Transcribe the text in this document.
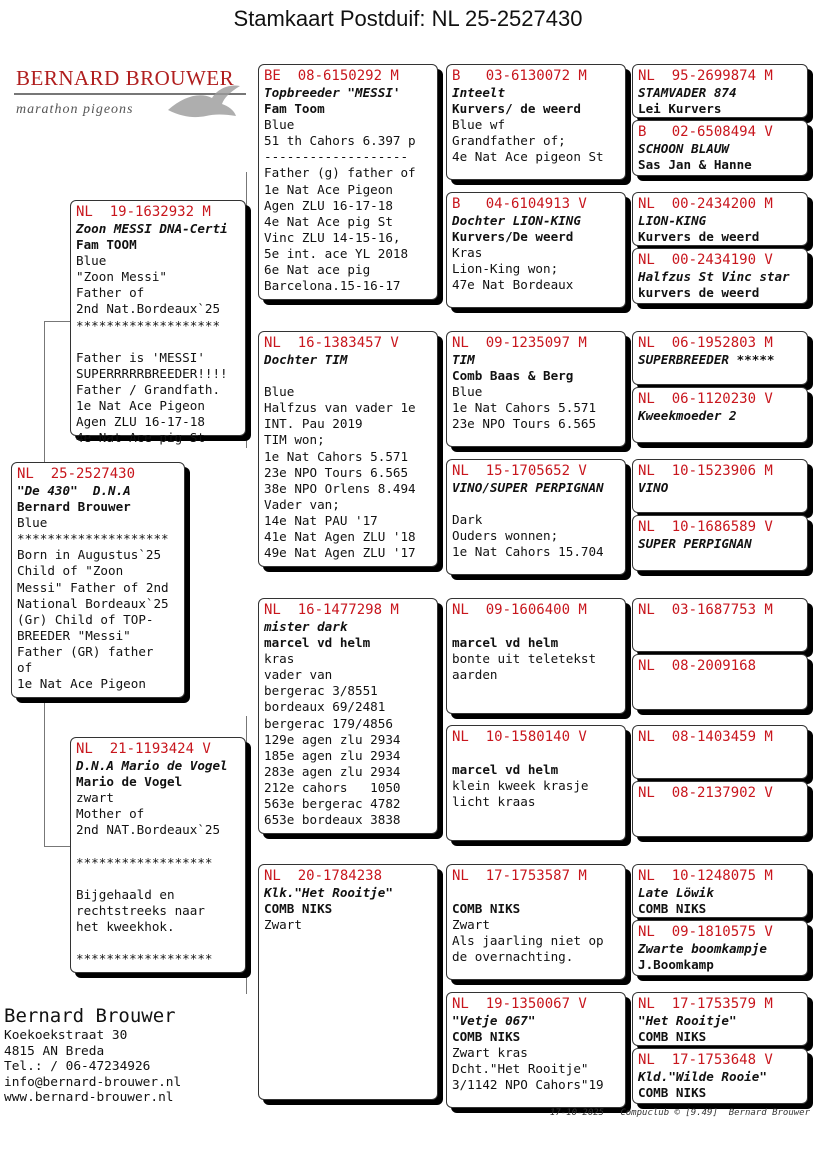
Stamkaart Postduif: NL 25-2527430
BERNARD BROUWER
marathon pigeons
NL  25-2527430
"De 430"  D.N.A
Bernard Brouwer
Blue
********************
Born in Augustus`25
Child of "Zoon
Messi" Father of 2nd
National Bordeaux`25
(Gr) Child of TOP-
BREEDER "Messi"
Father (GR) father
of
1e Nat Ace Pigeon
NL  19-1632932 M
Zoon MESSI DNA-Certi
Fam TOOM
Blue
"Zoon Messi"
Father of
2nd Nat.Bordeaux`25
*******************

Father is 'MESSI'
SUPERRRRRBREEDER!!!!
Father / Grandfath.
1e Nat Ace Pigeon
Agen ZLU 16-17-18
4e Nat Ace pig St
NL  21-1193424 V
D.N.A Mario de Vogel
Mario de Vogel
zwart
Mother of
2nd NAT.Bordeaux`25

******************

Bijgehaald en
rechtstreeks naar
het kweekhok.

******************
BE  08-6150292 M
Topbreeder "MESSI'
Fam Toom
Blue
51 th Cahors 6.397 p
-------------------
Father (g) father of
1e Nat Ace Pigeon
Agen ZLU 16-17-18
4e Nat Ace pig St
Vinc ZLU 14-15-16,
5e int. ace YL 2018
6e Nat ace pig
Barcelona.15-16-17
NL  16-1383457 V
Dochter TIM

Blue
Halfzus van vader 1e
INT. Pau 2019
TIM won;
1e Nat Cahors 5.571
23e NPO Tours 6.565
38e NPO Orlens 8.494
Vader van;
14e Nat PAU '17
41e Nat Agen ZLU '18
49e Nat Agen ZLU '17
NL  16-1477298 M
mister dark
marcel vd helm
kras
vader van
bergerac 3/8551
bordeaux 69/2481
bergerac 179/4856
129e agen zlu 2934
185e agen zlu 2934
283e agen zlu 2934
212e cahors   1050
563e bergerac 4782
653e bordeaux 3838
NL  20-1784238
Klk."Het Rooitje"
COMB NIKS
Zwart
B   03-6130072 M
Inteelt
Kurvers/ de weerd
Blue wf
Grandfather of;
4e Nat Ace pigeon St
B   04-6104913 V
Dochter LION-KING
Kurvers/De weerd
Kras
Lion-King won;
47e Nat Bordeaux
NL  09-1235097 M
TIM
Comb Baas & Berg
Blue
1e Nat Cahors 5.571
23e NPO Tours 6.565
NL  15-1705652 V
VINO/SUPER PERPIGNAN

Dark
Ouders wonnen;
1e Nat Cahors 15.704
NL  09-1606400 M

marcel vd helm
bonte uit teletekst
aarden
NL  10-1580140 V

marcel vd helm
klein kweek krasje
licht kraas
NL  17-1753587 M

COMB NIKS
Zwart
Als jaarling niet op
de overnachting.
NL  19-1350067 V
"Vetje 067"
COMB NIKS
Zwart kras
Dcht."Het Rooitje"
3/1142 NPO Cahors"19
NL  95-2699874 M
STAMVADER 874
Lei Kurvers
B   02-6508494 V
SCHOON BLAUW
Sas Jan & Hanne
NL  00-2434200 M
LION-KING
Kurvers de weerd
NL  00-2434190 V
Halfzus St Vinc star
kurvers de weerd
NL  06-1952803 M
SUPERBREEDER *****
NL  06-1120230 V
Kweekmoeder 2
NL  10-1523906 M
VINO
NL  10-1686589 V
SUPER PERPIGNAN
NL  03-1687753 M
NL  08-2009168
NL  08-1403459 M
NL  08-2137902 V
NL  10-1248075 M
Late Löwik
COMB NIKS
NL  09-1810575 V
Zwarte boomkampje
J.Boomkamp
NL  17-1753579 M
"Het Rooitje"
COMB NIKS
NL  17-1753648 V
Kld."Wilde Rooie"
COMB NIKS
Bernard Brouwer
Koekoekstraat 30
4815 AN Breda
Tel.: / 06-47234926
info@bernard-brouwer.nl
www.bernard-brouwer.nl
17-10-2025   Compuclub © [9.49]  Bernard Brouwer
